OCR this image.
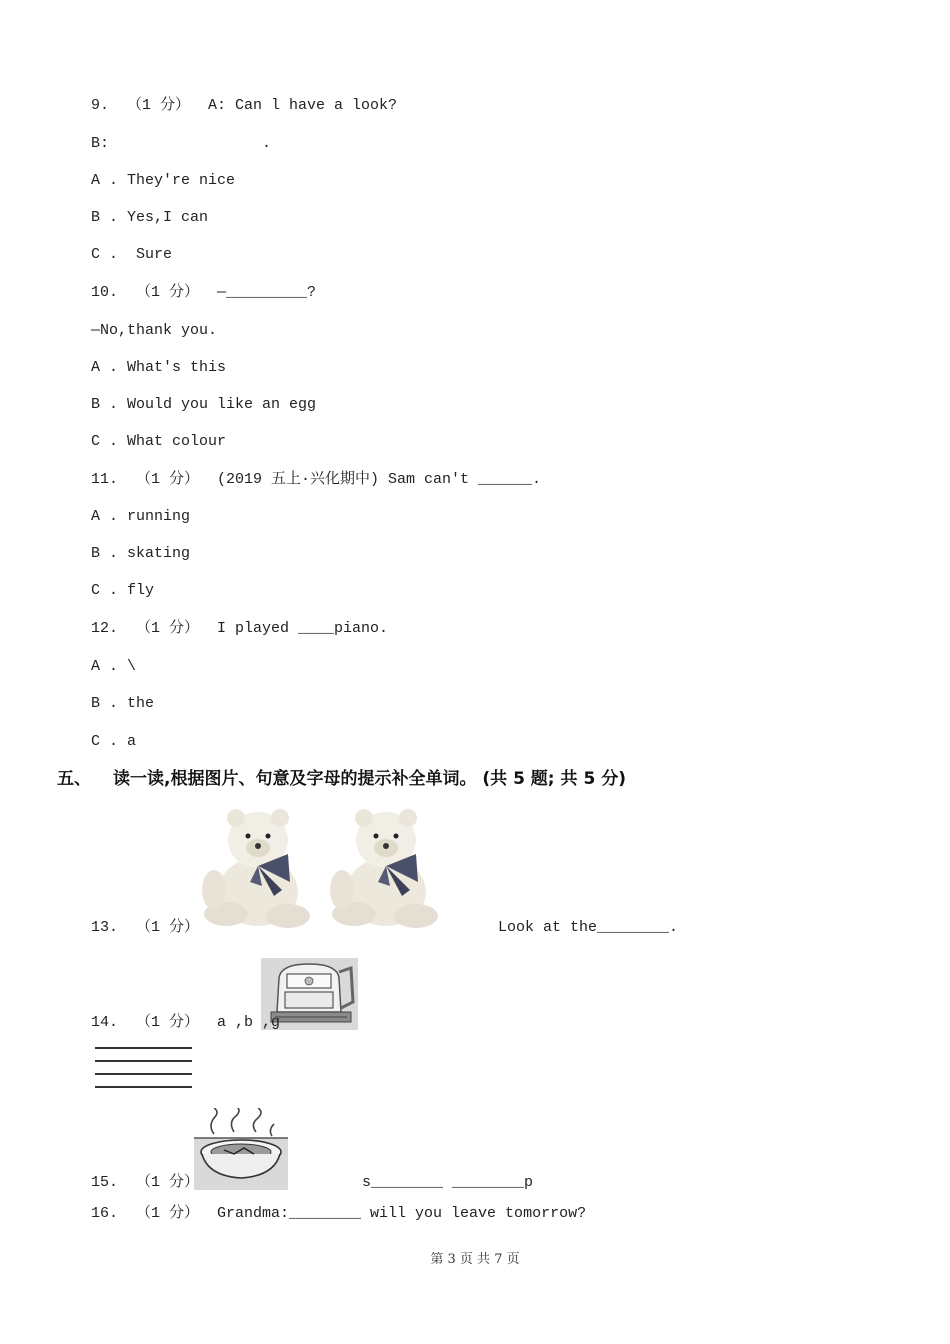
9.  （1 分）  A: Can l have a look?
B:                 .
A . They're nice
B . Yes,I can
C .  Sure
10.  （1 分）  —_________?
—No,thank you.
A . What's this
B . Would you like an egg
C . What colour
11.  （1 分）  (2019 五上·兴化期中) Sam can't ______.
A . running
B . skating
C . fly
12.  （1 分）  I played ____piano.
A . \
B . the
C . a
五、 读一读,根据图片、句意及字母的提示补全单词。 (共 5 题; 共 5 分)
13.  （1 分）	Look at the________.
14.  （1 分）  a ,b ,g
15.  （1 分）	s________ ________p
16.  （1 分）  Grandma:________ will you leave tomorrow?
第 3 页 共 7 页
